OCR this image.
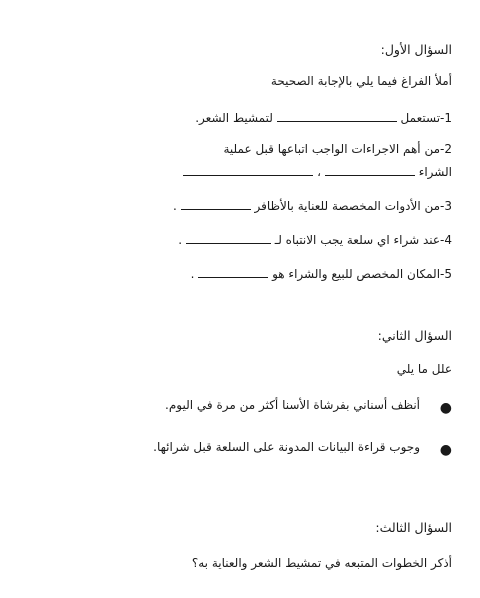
السؤال الأول:
أملأ الفراغ فيما يلي بالإجابة الصحيحة
1-تستعمل  لتمشيط الشعر.
2-من أهم الاجراءات الواجب اتباعها قبل عملية
الشراء  ،
3-من الأدوات المخصصة للعناية بالأظافر  .
4-عند شراء اي سلعة يجب الانتباه لـ  .
5-المكان المخصص للبيع والشراء هو  .
السؤال الثاني:
علل ما يلي
●
أنظف أسناني بفرشاة الأسنا أكثر من مرة في اليوم.
●
وجوب قراءة البيانات المدونة على السلعة قبل شرائها.
السؤال الثالث:
أذكر الخطوات المتبعه في تمشيط الشعر والعناية به؟
